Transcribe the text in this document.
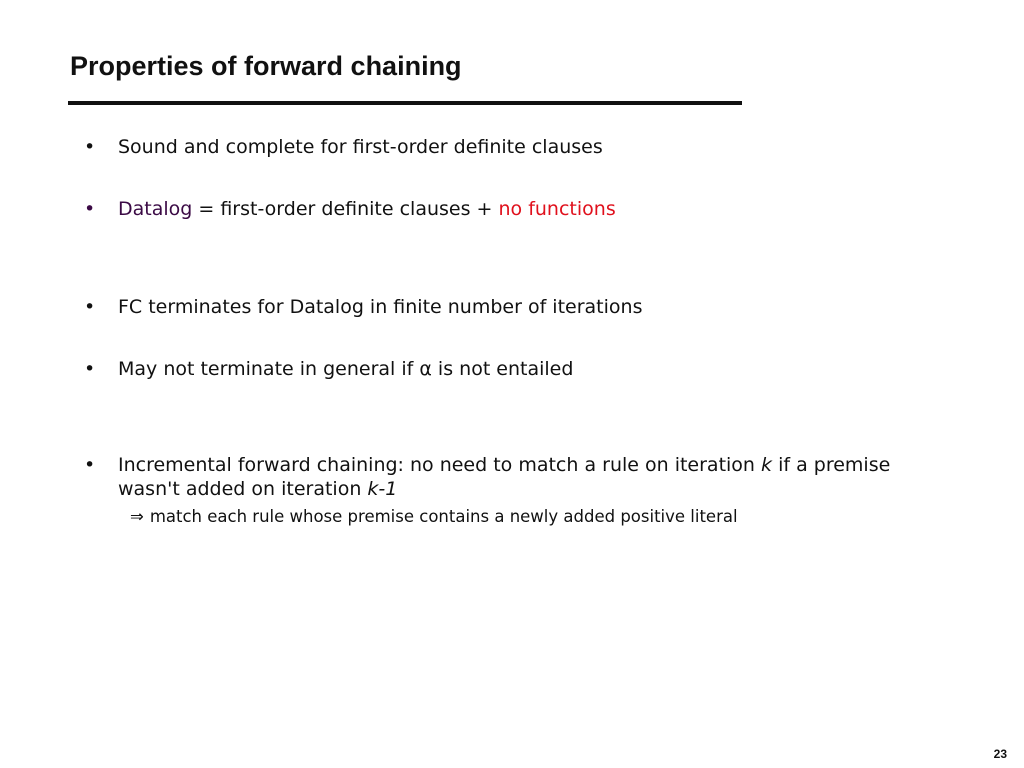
Properties of forward chaining
• Sound and complete for first-order definite clauses
• Datalog = first-order definite clauses + no functions
• FC terminates for Datalog in finite number of iterations
• May not terminate in general if α is not entailed
• Incremental forward chaining: no need to match a rule on iteration k if a premise wasn't added on iteration k-1
⇒ match each rule whose premise contains a newly added positive literal
23
